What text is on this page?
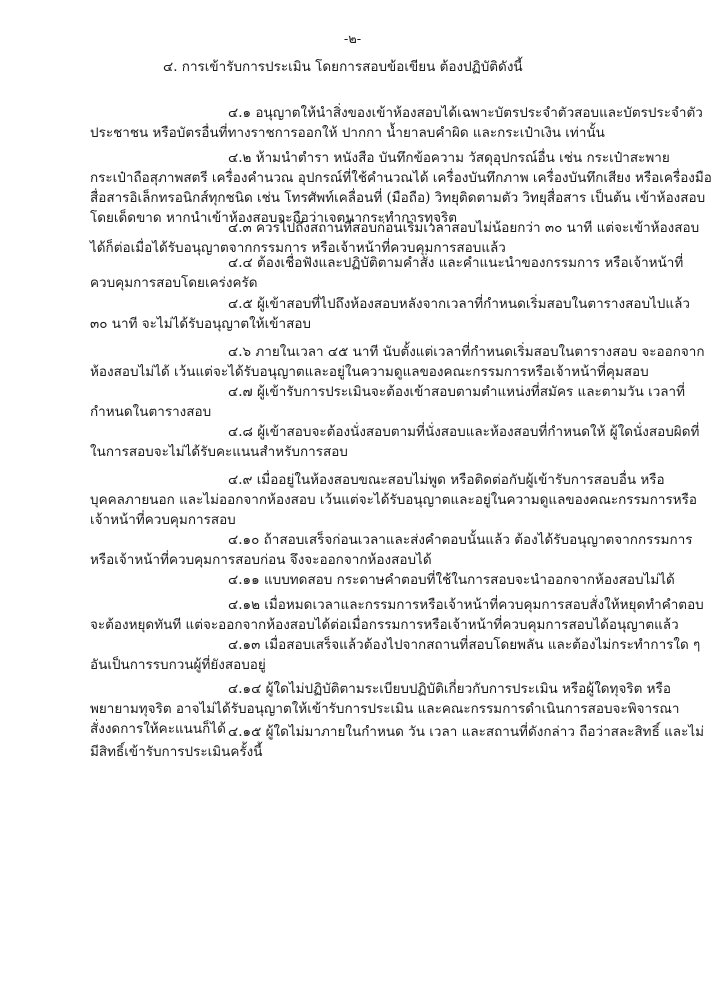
-๒-
๔. การเข้ารับการประเมิน โดยการสอบข้อเขียน ต้องปฏิบัติดังนี้
๔.๑ อนุญาตให้นำสิ่งของเข้าห้องสอบได้เฉพาะบัตรประจำตัวสอบและบัตรประจำตัว
ประชาชน หรือบัตรอื่นที่ทางราชการออกให้ ปากกา น้ำยาลบคำผิด และกระเป๋าเงิน เท่านั้น
๔.๒ ห้ามนำตำรา หนังสือ บันทึกข้อความ วัสดุอุปกรณ์อื่น เช่น กระเป๋าสะพาย
กระเป๋าถือสุภาพสตรี เครื่องคำนวณ อุปกรณ์ที่ใช้คำนวณได้ เครื่องบันทึกภาพ เครื่องบันทึกเสียง หรือเครื่องมือ
สื่อสารอิเล็กทรอนิกส์ทุกชนิด เช่น โทรศัพท์เคลื่อนที่ (มือถือ) วิทยุติดตามตัว วิทยุสื่อสาร เป็นต้น เข้าห้องสอบ
โดยเด็ดขาด หากนำเข้าห้องสอบจะถือว่าเจตนากระทำการทุจริต
๔.๓ ควรไปถึงสถานที่สอบก่อนเริ่มเวลาสอบไม่น้อยกว่า ๓๐ นาที แต่จะเข้าห้องสอบ
ได้ก็ต่อเมื่อได้รับอนุญาตจากกรรมการ หรือเจ้าหน้าที่ควบคุมการสอบแล้ว
๔.๔ ต้องเชื่อฟังและปฏิบัติตามคำสั่ง และคำแนะนำของกรรมการ หรือเจ้าหน้าที่
ควบคุมการสอบโดยเคร่งครัด
๔.๕ ผู้เข้าสอบที่ไปถึงห้องสอบหลังจากเวลาที่กำหนดเริ่มสอบในตารางสอบไปแล้ว
๓๐ นาที จะไม่ได้รับอนุญาตให้เข้าสอบ
๔.๖ ภายในเวลา ๔๕ นาที นับตั้งแต่เวลาที่กำหนดเริ่มสอบในตารางสอบ จะออกจาก
ห้องสอบไม่ได้ เว้นแต่จะได้รับอนุญาตและอยู่ในความดูแลของคณะกรรมการหรือเจ้าหน้าที่คุมสอบ
๔.๗ ผู้เข้ารับการประเมินจะต้องเข้าสอบตามตำแหน่งที่สมัคร และตามวัน เวลาที่
กำหนดในตารางสอบ
๔.๘ ผู้เข้าสอบจะต้องนั่งสอบตามที่นั่งสอบและห้องสอบที่กำหนดให้ ผู้ใดนั่งสอบผิดที่
ในการสอบจะไม่ได้รับคะแนนสำหรับการสอบ
๔.๙ เมื่ออยู่ในห้องสอบขณะสอบไม่พูด หรือติดต่อกับผู้เข้ารับการสอบอื่น หรือ
บุคคลภายนอก และไม่ออกจากห้องสอบ เว้นแต่จะได้รับอนุญาตและอยู่ในความดูแลของคณะกรรมการหรือ
เจ้าหน้าที่ควบคุมการสอบ
๔.๑๐ ถ้าสอบเสร็จก่อนเวลาและส่งคำตอบนั้นแล้ว ต้องได้รับอนุญาตจากกรรมการ
หรือเจ้าหน้าที่ควบคุมการสอบก่อน จึงจะออกจากห้องสอบได้
๔.๑๑ แบบทดสอบ กระดาษคำตอบที่ใช้ในการสอบจะนำออกจากห้องสอบไม่ได้
๔.๑๒ เมื่อหมดเวลาและกรรมการหรือเจ้าหน้าที่ควบคุมการสอบสั่งให้หยุดทำคำตอบ
จะต้องหยุดทันที แต่จะออกจากห้องสอบได้ต่อเมื่อกรรมการหรือเจ้าหน้าที่ควบคุมการสอบได้อนุญาตแล้ว
๔.๑๓ เมื่อสอบเสร็จแล้วต้องไปจากสถานที่สอบโดยพลัน และต้องไม่กระทำการใด ๆ
อันเป็นการรบกวนผู้ที่ยังสอบอยู่
๔.๑๔ ผู้ใดไม่ปฏิบัติตามระเบียบปฏิบัติเกี่ยวกับการประเมิน หรือผู้ใดทุจริต หรือ
พยายามทุจริต อาจไม่ได้รับอนุญาตให้เข้ารับการประเมิน และคณะกรรมการดำเนินการสอบจะพิจารณา
สั่งงดการให้คะแนนก็ได้ ๔.๑๕ ผู้ใดไม่มาภายในกำหนด วัน เวลา และสถานที่ดังกล่าว ถือว่าสละสิทธิ์ และไม่
มีสิทธิ์เข้ารับการประเมินครั้งนี้
